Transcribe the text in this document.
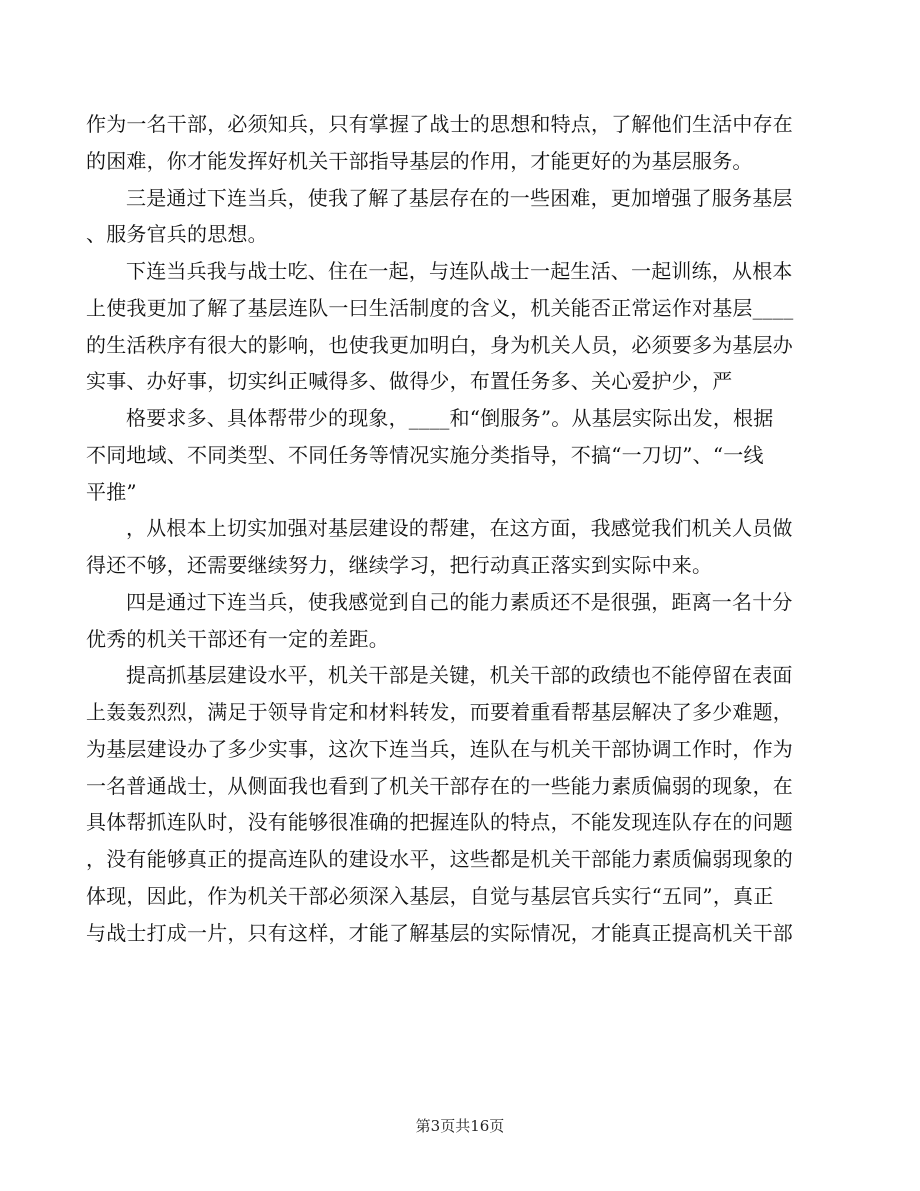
作为一名干部，必须知兵，只有掌握了战士的思想和特点，了解他们生活中存在
的困难，你才能发挥好机关干部指导基层的作用，才能更好的为基层服务。
三是通过下连当兵，使我了解了基层存在的一些困难，更加增强了服务基层
、服务官兵的思想。
下连当兵我与战士吃、住在一起，与连队战士一起生活、一起训练，从根本
上使我更加了解了基层连队一曰生活制度的含义，机关能否正常运作对基层____
的生活秩序有很大的影响，也使我更加明白，身为机关人员，必须要多为基层办
实事、办好事，切实纠正喊得多、做得少，布置任务多、关心爱护少，严
格要求多、具体帮带少的现象，____和“倒服务”。从基层实际出发，根据
不同地域、不同类型、不同任务等情况实施分类指导，不搞“一刀切”、“一线
平推”
，从根本上切实加强对基层建设的帮建，在这方面，我感觉我们机关人员做
得还不够，还需要继续努力，继续学习，把行动真正落实到实际中来。
四是通过下连当兵，使我感觉到自己的能力素质还不是很强，距离一名十分
优秀的机关干部还有一定的差距。
提高抓基层建设水平，机关干部是关键，机关干部的政绩也不能停留在表面
上轰轰烈烈，满足于领导肯定和材料转发，而要着重看帮基层解决了多少难题，
为基层建设办了多少实事，这次下连当兵，连队在与机关干部协调工作时，作为
一名普通战士，从侧面我也看到了机关干部存在的一些能力素质偏弱的现象，在
具体帮抓连队时，没有能够很准确的把握连队的特点，不能发现连队存在的问题
，没有能够真正的提高连队的建设水平，这些都是机关干部能力素质偏弱现象的
体现，因此，作为机关干部必须深入基层，自觉与基层官兵实行“五同”，真正
与战士打成一片，只有这样，才能了解基层的实际情况，才能真正提高机关干部
第3页共16页
